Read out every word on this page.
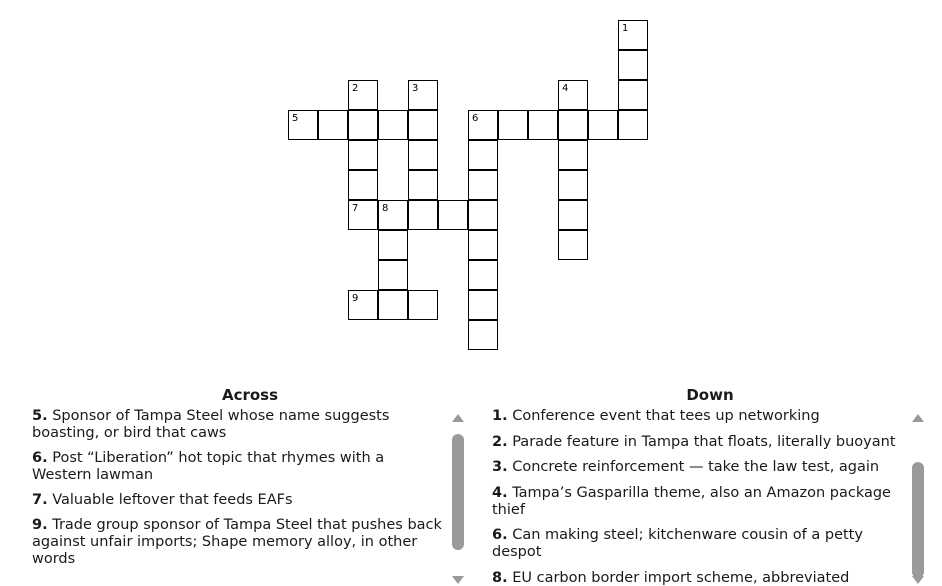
1
2	3	4
5	6
7 8
9
Across
5. Sponsor of Tampa Steel whose name suggests boasting, or bird that caws
6. Post “Liberation” hot topic that rhymes with a Western lawman
7. Valuable leftover that feeds EAFs
9. Trade group sponsor of Tampa Steel that pushes back against unfair imports; Shape memory alloy, in other words
Down
1. Conference event that tees up networking
2. Parade feature in Tampa that floats, literally buoyant
3. Concrete reinforcement — take the law test, again
4. Tampa’s Gasparilla theme, also an Amazon package thief
6. Can making steel; kitchenware cousin of a petty despot
8. EU carbon border import scheme, abbreviated
